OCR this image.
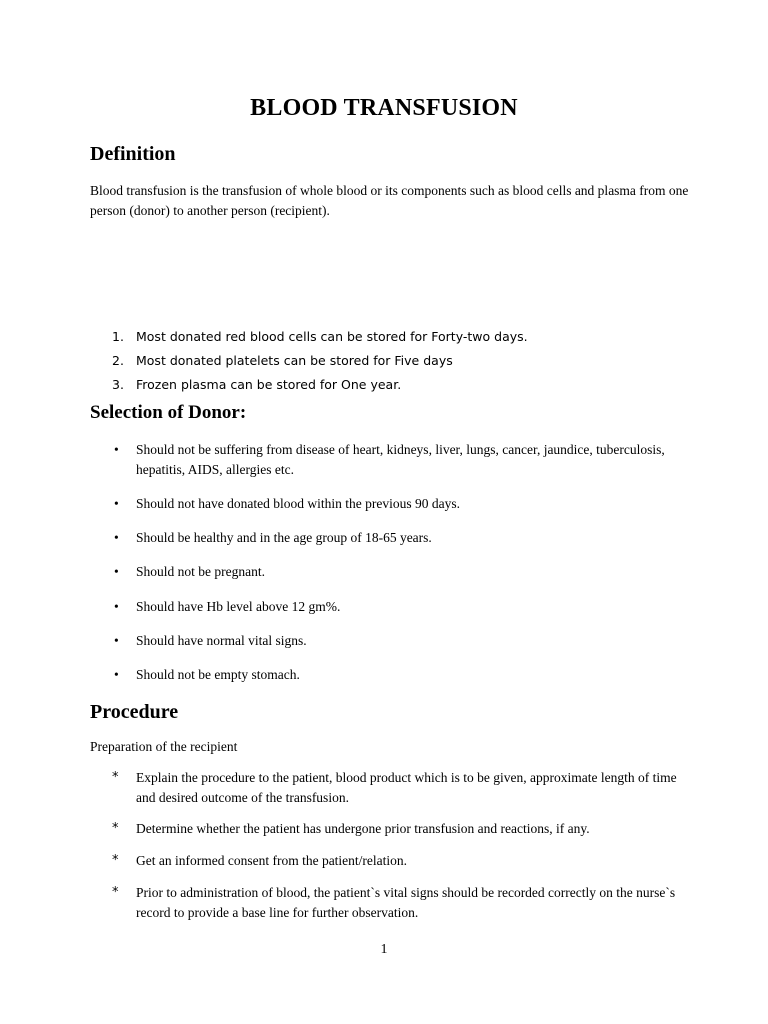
BLOOD TRANSFUSION
Definition
Blood transfusion is the transfusion of whole blood or its components such as blood cells and plasma from one person (donor) to another person (recipient).
1. Most donated red blood cells can be stored for Forty-two days.
2. Most donated platelets can be stored for Five days
3. Frozen plasma can be stored for One year.
Selection of Donor:
• Should not be suffering from disease of heart, kidneys, liver, lungs, cancer, jaundice, tuberculosis, hepatitis, AIDS, allergies etc.
• Should not have donated blood within the previous 90 days.
• Should be healthy and in the age group of 18-65 years.
• Should not be pregnant.
• Should have Hb level above 12 gm%.
• Should have normal vital signs.
• Should not be empty stomach.
Procedure
Preparation of the recipient
* Explain the procedure to the patient, blood product which is to be given, approximate length of time and desired outcome of the transfusion.
* Determine whether the patient has undergone prior transfusion and reactions, if any.
* Get an informed consent from the patient/relation.
* Prior to administration of blood, the patient`s vital signs should be recorded correctly on the nurse`s record to provide a base line for further observation.
1
